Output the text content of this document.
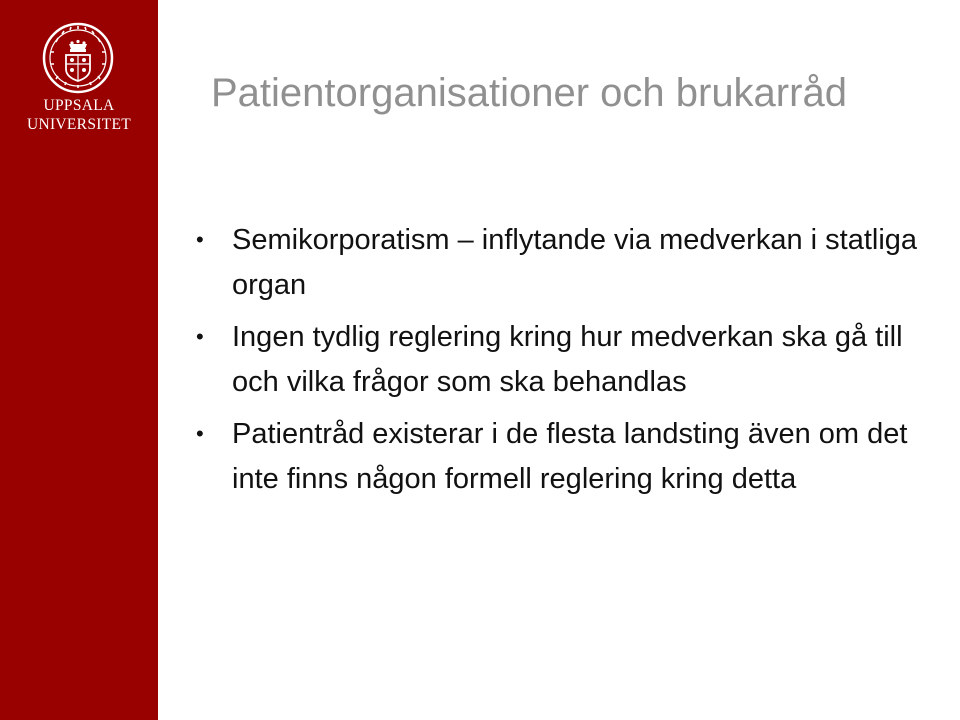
UPPSALA
UNIVERSITET
Patientorganisationer och brukarråd
• Semikorporatism – inflytande via medverkan i statliga organ
• Ingen tydlig reglering kring hur medverkan ska gå till och vilka frågor som ska behandlas
• Patientråd existerar i de flesta landsting även om det inte finns någon formell reglering kring detta
